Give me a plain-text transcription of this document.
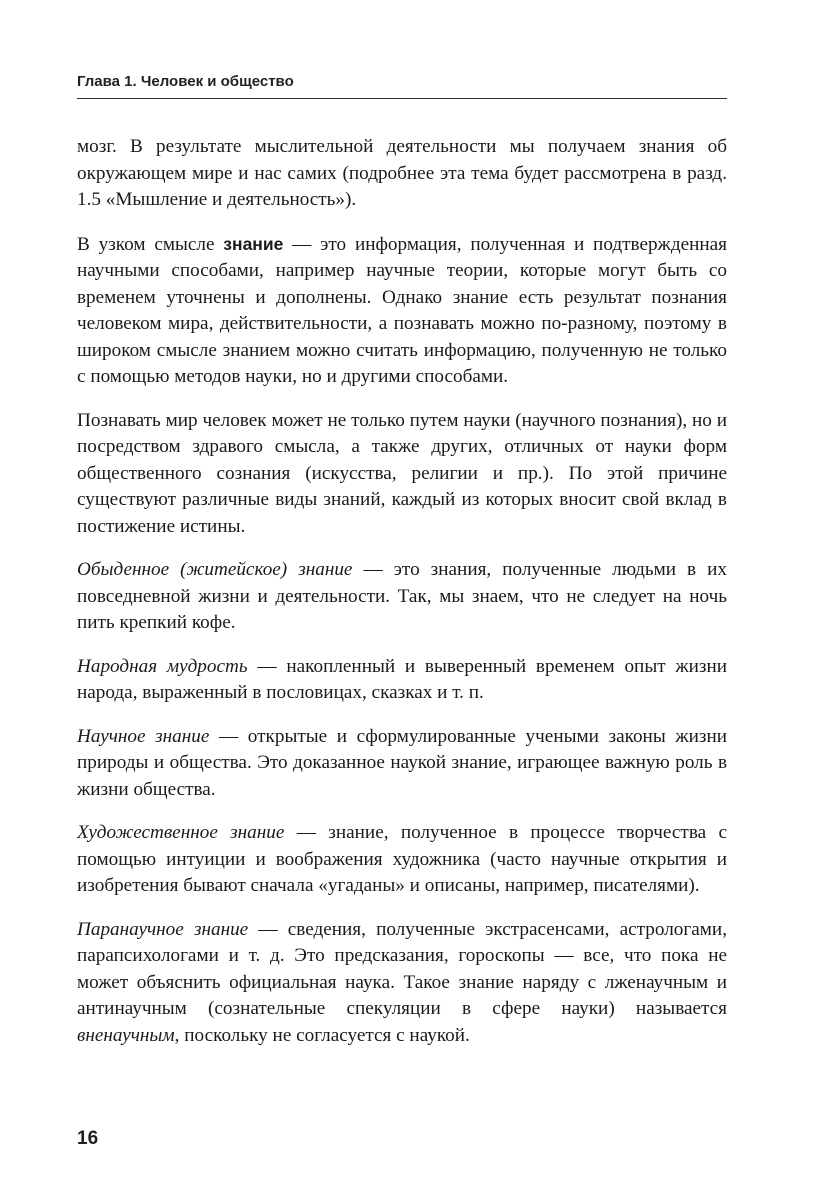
Глава 1. Человек и общество

мозг. В результате мыслительной деятельности мы получаем знания об окружающем мире и нас самих (подробнее эта тема будет рассмотрена в разд. 1.5 «Мышление и деятельность»).

В узком смысле знание — это информация, полученная и подтвержденная научными способами, например научные теории, которые могут быть со временем уточнены и дополнены. Однако знание есть результат познания человеком мира, действительности, а познавать можно по-разному, поэтому в широком смысле знанием можно считать информацию, полученную не только с помощью методов науки, но и другими способами.

Познавать мир человек может не только путем науки (научного познания), но и посредством здравого смысла, а также других, отличных от науки форм общественного сознания (искусства, религии и пр.). По этой причине существуют различные виды знаний, каждый из которых вносит свой вклад в постижение истины.

Обыденное (житейское) знание — это знания, полученные людьми в их повседневной жизни и деятельности. Так, мы знаем, что не следует на ночь пить крепкий кофе.

Народная мудрость — накопленный и выверенный временем опыт жизни народа, выраженный в пословицах, сказках и т. п.

Научное знание — открытые и сформулированные учеными законы жизни природы и общества. Это доказанное наукой знание, играющее важную роль в жизни общества.

Художественное знание — знание, полученное в процессе творчества с помощью интуиции и воображения художника (часто научные открытия и изобретения бывают сначала «угаданы» и описаны, например, писателями).

Паранаучное знание — сведения, полученные экстрасенсами, астрологами, парапсихологами и т. д. Это предсказания, гороскопы — все, что пока не может объяснить официальная наука. Такое знание наряду с лженаучным и антинаучным (сознательные спекуляции в сфере науки) называется вненаучным, поскольку не согласуется с наукой.

16
